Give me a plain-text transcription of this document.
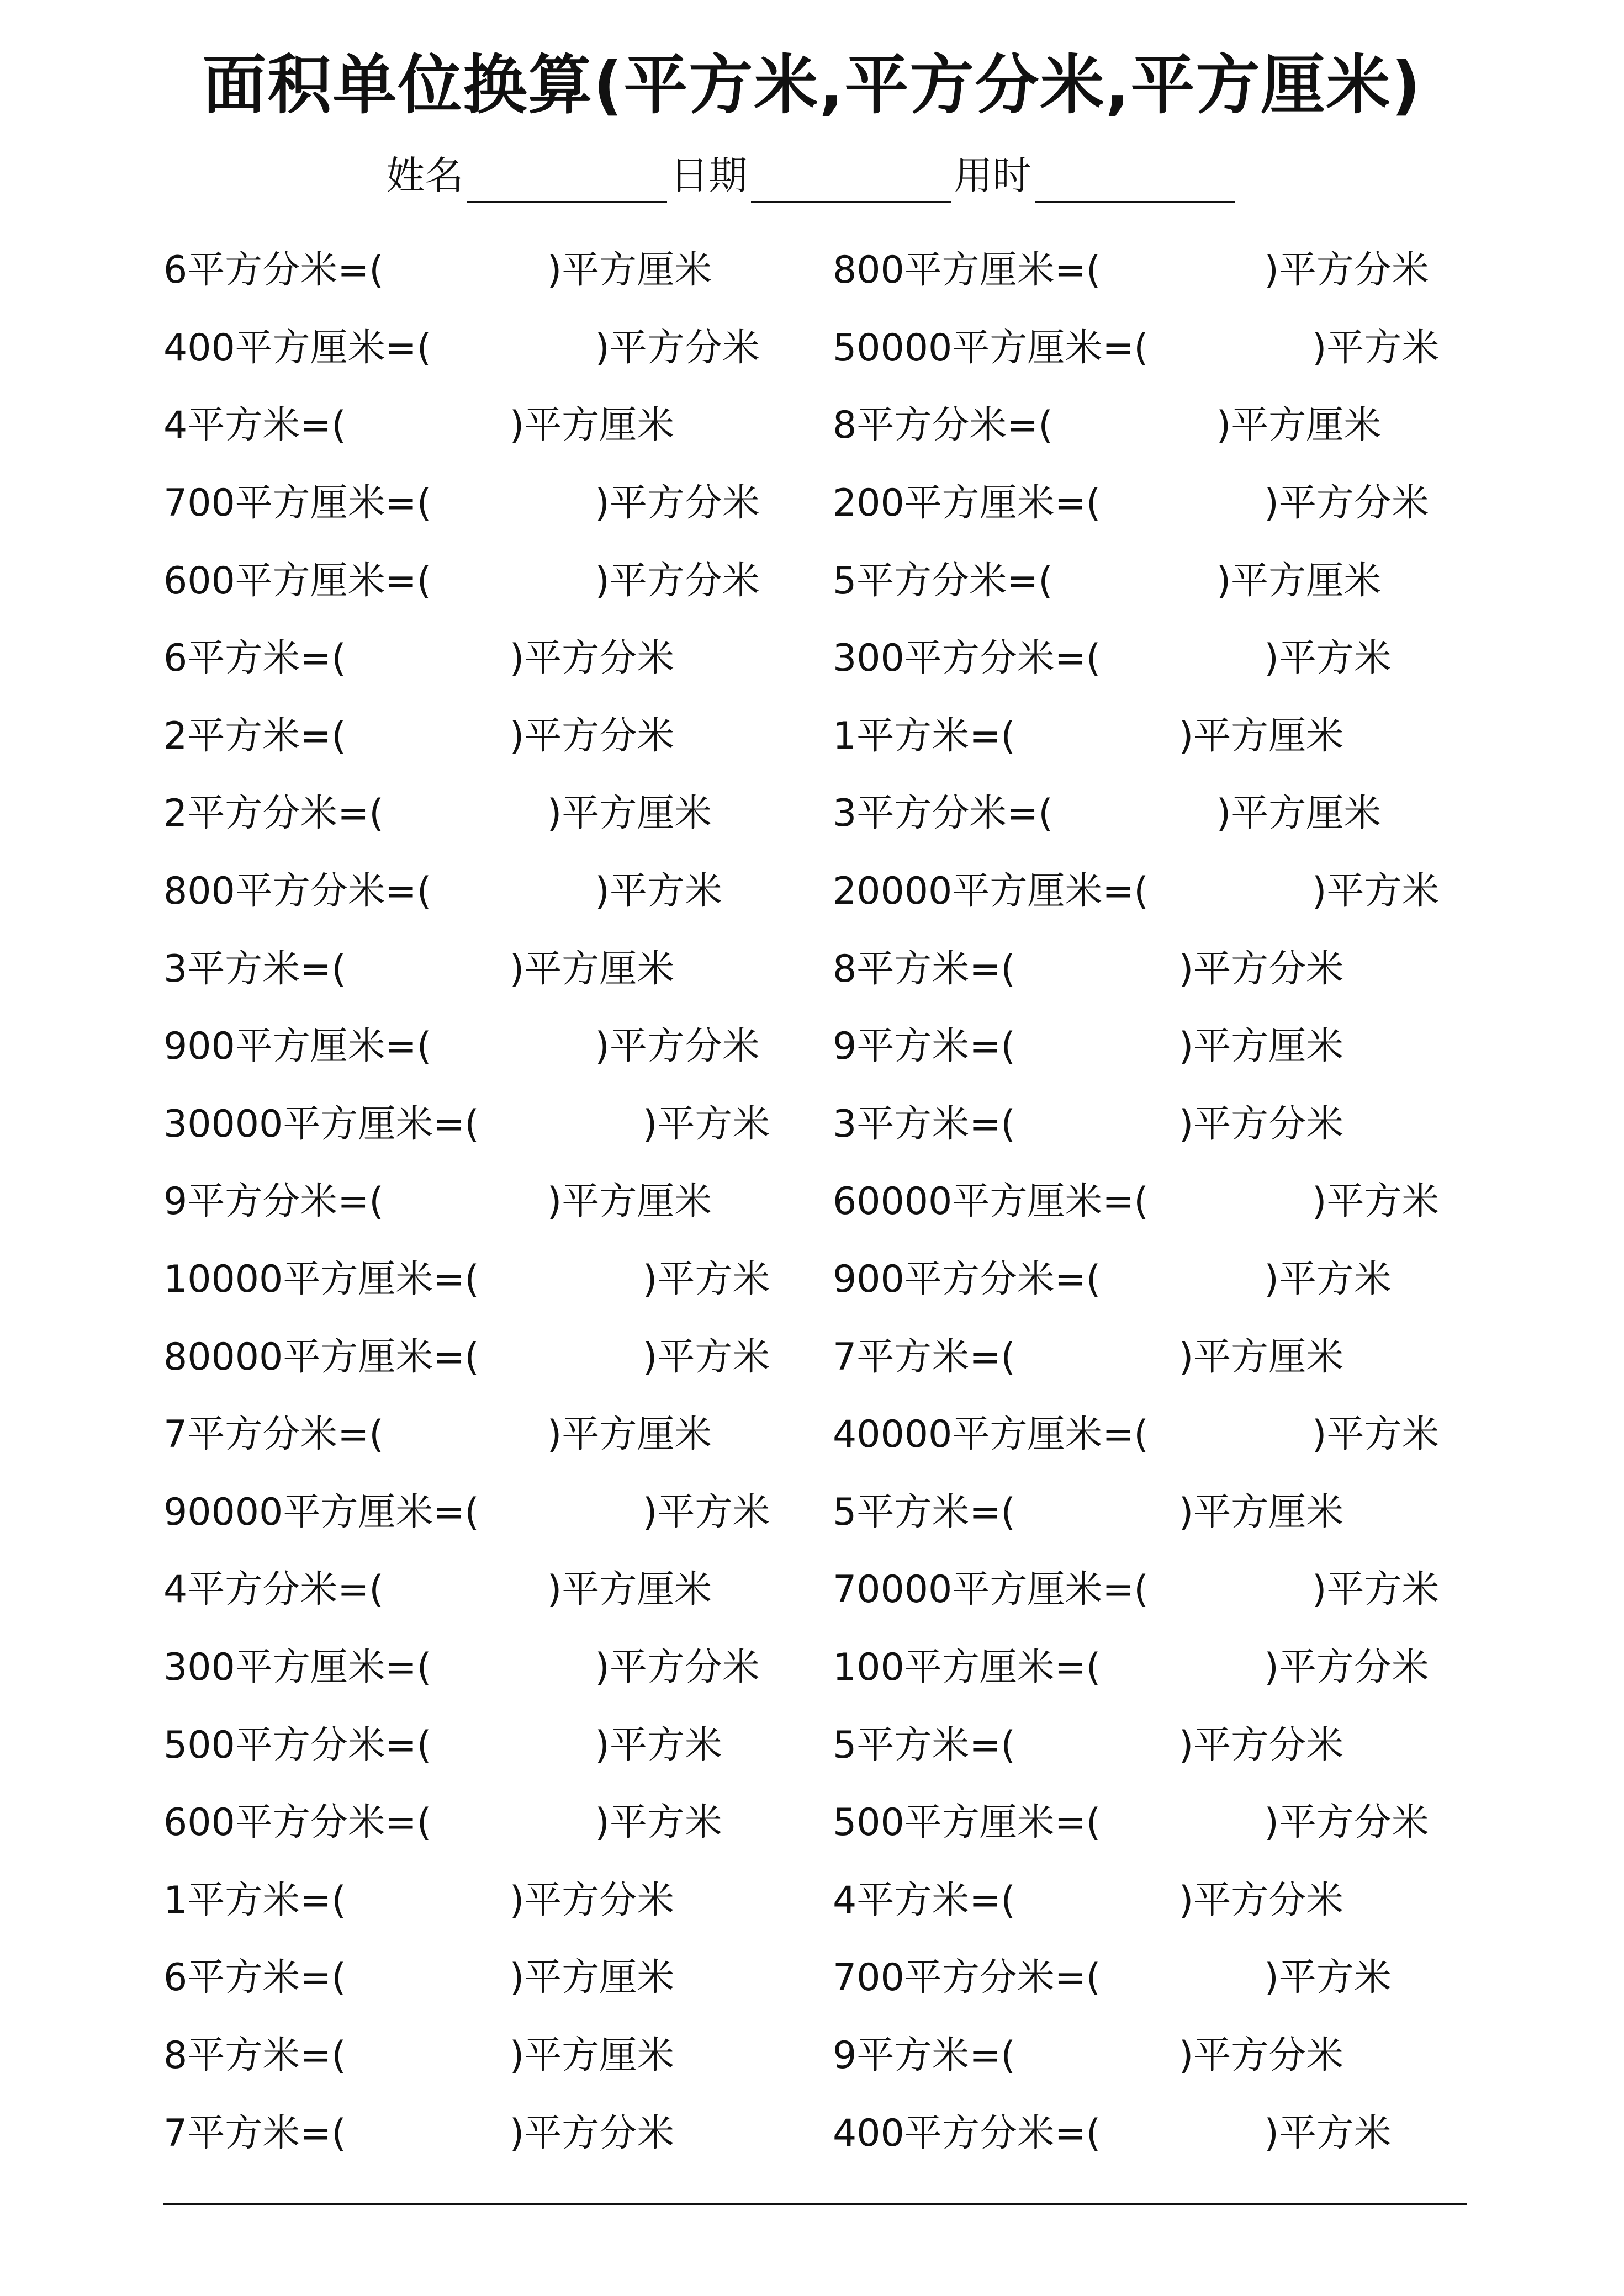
面积单位换算(平方米,平方分米,平方厘米)
姓名	日期	用时
6平方分米=(	)平方厘米	800平方厘米=(	)平方分米
400平方厘米=(	)平方分米 50000平方厘米=(	)平方米
4平方米=(	)平方厘米	8平方分米=(	)平方厘米
700平方厘米=(	)平方分米 200平方厘米=(	)平方分米
600平方厘米=(	)平方分米 5平方分米=(	)平方厘米
6平方米=(	)平方分米	300平方分米=(	)平方米
2平方米=(	)平方分米	1平方米=(	)平方厘米
2平方分米=(	)平方厘米	3平方分米=(	)平方厘米
800平方分米=(	)平方米	20000平方厘米=(	)平方米
3平方米=(	)平方厘米	8平方米=(	)平方分米
900平方厘米=(	)平方分米 9平方米=(	)平方厘米
30000平方厘米=(	)平方米 3平方米=(	)平方分米
9平方分米=(	)平方厘米	60000平方厘米=(	)平方米
10000平方厘米=(	)平方米 900平方分米=(	)平方米
80000平方厘米=(	)平方米 7平方米=(	)平方厘米
7平方分米=(	)平方厘米	40000平方厘米=(	)平方米
90000平方厘米=(	)平方米 5平方米=(	)平方厘米
4平方分米=(	)平方厘米	70000平方厘米=(	)平方米
300平方厘米=(	)平方分米 100平方厘米=(	)平方分米
500平方分米=(	)平方米	5平方米=(	)平方分米
600平方分米=(	)平方米	500平方厘米=(	)平方分米
1平方米=(	)平方分米	4平方米=(	)平方分米
6平方米=(	)平方厘米	700平方分米=(	)平方米
8平方米=(	)平方厘米	9平方米=(	)平方分米
7平方米=(	)平方分米	400平方分米=(	)平方米
